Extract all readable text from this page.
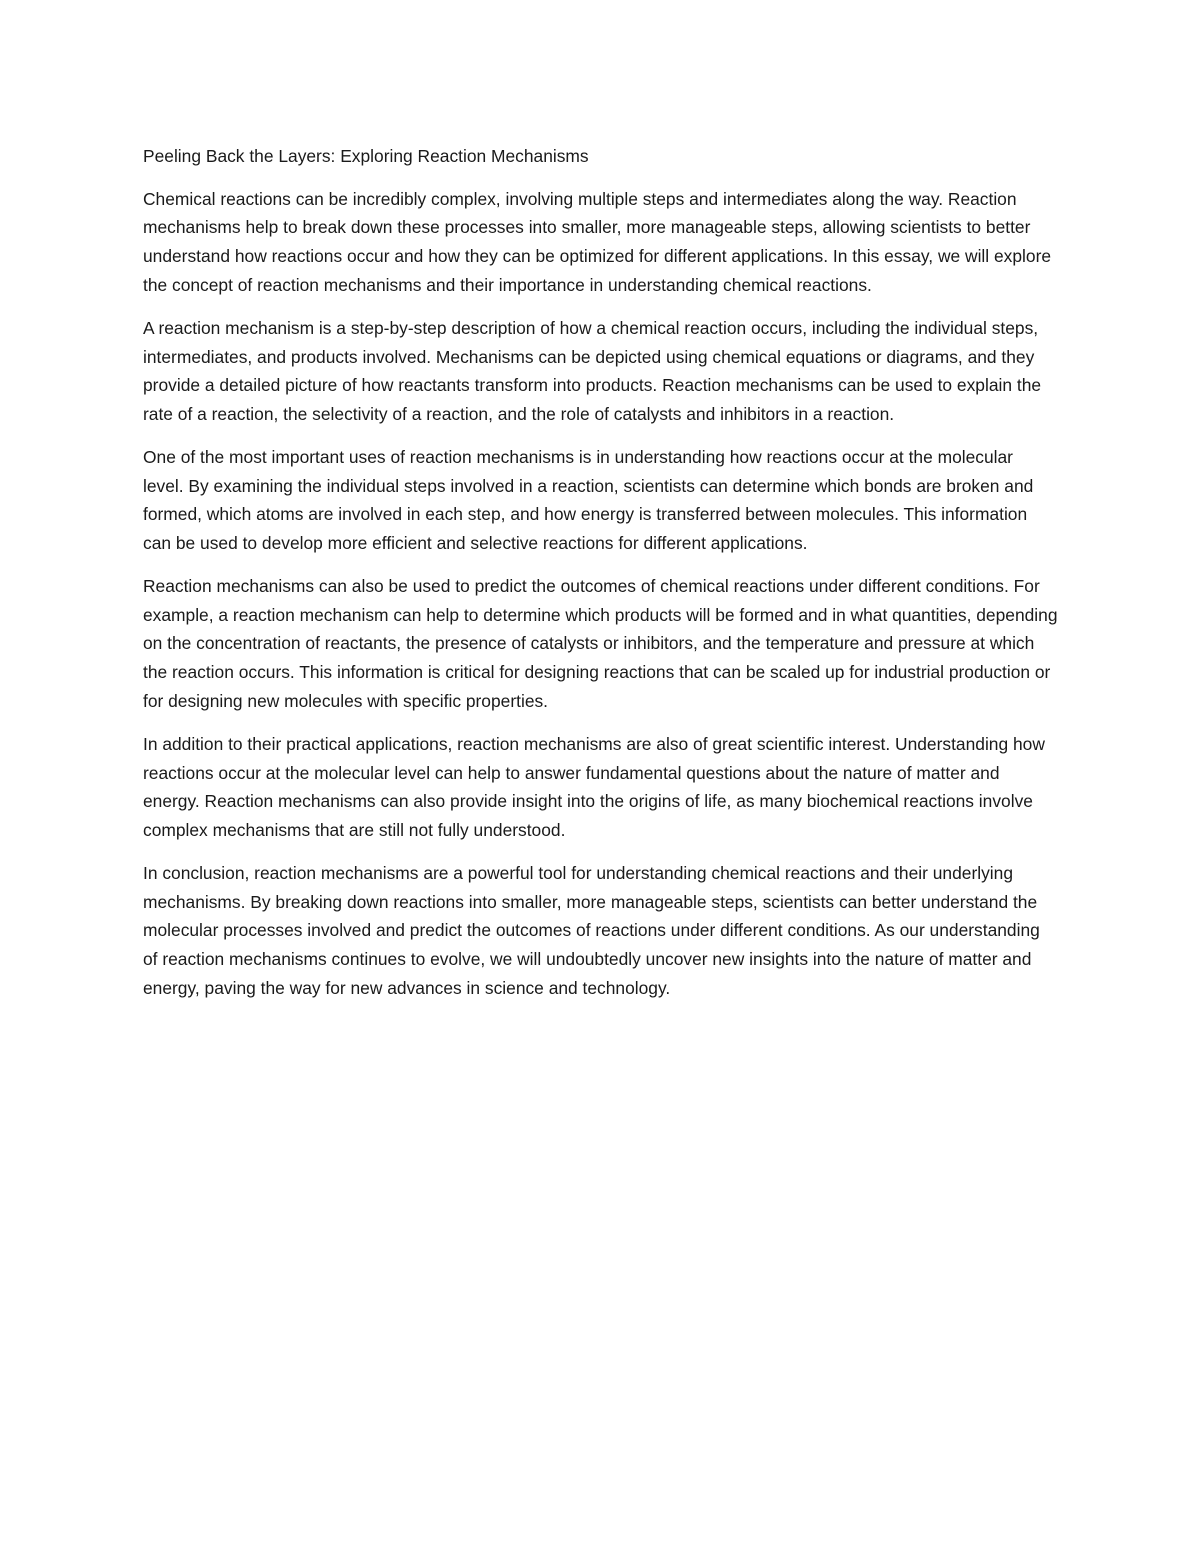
Peeling Back the Layers: Exploring Reaction Mechanisms

Chemical reactions can be incredibly complex, involving multiple steps and intermediates along the way. Reaction mechanisms help to break down these processes into smaller, more manageable steps, allowing scientists to better understand how reactions occur and how they can be optimized for different applications. In this essay, we will explore the concept of reaction mechanisms and their importance in understanding chemical reactions.

A reaction mechanism is a step-by-step description of how a chemical reaction occurs, including the individual steps, intermediates, and products involved. Mechanisms can be depicted using chemical equations or diagrams, and they provide a detailed picture of how reactants transform into products. Reaction mechanisms can be used to explain the rate of a reaction, the selectivity of a reaction, and the role of catalysts and inhibitors in a reaction.

One of the most important uses of reaction mechanisms is in understanding how reactions occur at the molecular level. By examining the individual steps involved in a reaction, scientists can determine which bonds are broken and formed, which atoms are involved in each step, and how energy is transferred between molecules. This information can be used to develop more efficient and selective reactions for different applications.

Reaction mechanisms can also be used to predict the outcomes of chemical reactions under different conditions. For example, a reaction mechanism can help to determine which products will be formed and in what quantities, depending on the concentration of reactants, the presence of catalysts or inhibitors, and the temperature and pressure at which the reaction occurs. This information is critical for designing reactions that can be scaled up for industrial production or for designing new molecules with specific properties.

In addition to their practical applications, reaction mechanisms are also of great scientific interest. Understanding how reactions occur at the molecular level can help to answer fundamental questions about the nature of matter and energy. Reaction mechanisms can also provide insight into the origins of life, as many biochemical reactions involve complex mechanisms that are still not fully understood.

In conclusion, reaction mechanisms are a powerful tool for understanding chemical reactions and their underlying mechanisms. By breaking down reactions into smaller, more manageable steps, scientists can better understand the molecular processes involved and predict the outcomes of reactions under different conditions. As our understanding of reaction mechanisms continues to evolve, we will undoubtedly uncover new insights into the nature of matter and energy, paving the way for new advances in science and technology.
